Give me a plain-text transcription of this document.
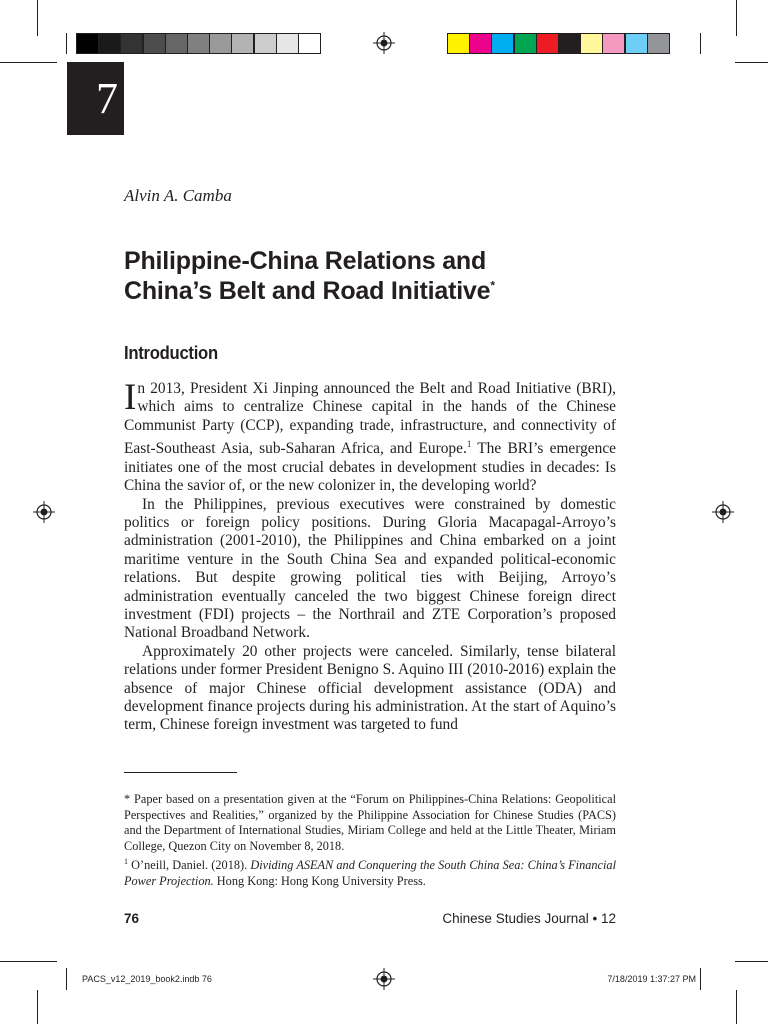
7
Alvin A. Camba
Philippine-China Relations and
China’s Belt and Road Initiative*
Introduction

In 2013, President Xi Jinping announced the Belt and Road Initiative (BRI), which aims to centralize Chinese capital in the hands of the Chinese Communist Party (CCP), expanding trade, infrastructure, and connectivity of East-Southeast Asia, sub-Saharan Africa, and Europe.$^1$ The BRI’s emergence initiates one of the most crucial debates in development studies in decades: Is China the savior of, or the new colonizer in, the developing world?

In the Philippines, previous executives were constrained by domestic politics or foreign policy positions. During Gloria Macapagal-Arroyo’s administration (2001-2010), the Philippines and China embarked on a joint maritime venture in the South China Sea and expanded political-economic relations. But despite growing political ties with Beijing, Arroyo’s administration eventually canceled the two biggest Chinese foreign direct investment (FDI) projects – the Northrail and ZTE Corporation’s proposed National Broadband Network.

Approximately 20 other projects were canceled. Similarly, tense bilateral relations under former President Benigno S. Aquino III (2010-2016) explain the absence of major Chinese official development assistance (ODA) and development finance projects during his administration. At the start of Aquino’s term, Chinese foreign investment was targeted to fund

* Paper based on a presentation given at the “Forum on Philippines-China Relations: Geopolitical Perspectives and Realities,” organized by the Philippine Association for Chinese Studies (PACS) and the Department of International Studies, Miriam College and held at the Little Theater, Miriam College, Quezon City on November 8, 2018.

$^1$ O’neill, Daniel. (2018). Dividing ASEAN and Conquering the South China Sea: China’s Financial Power Projection. Hong Kong: Hong Kong University Press.

76	Chinese Studies Journal • 12
PACS_v12_2019_book2.indb 76	7/18/2019 1:37:27 PM
